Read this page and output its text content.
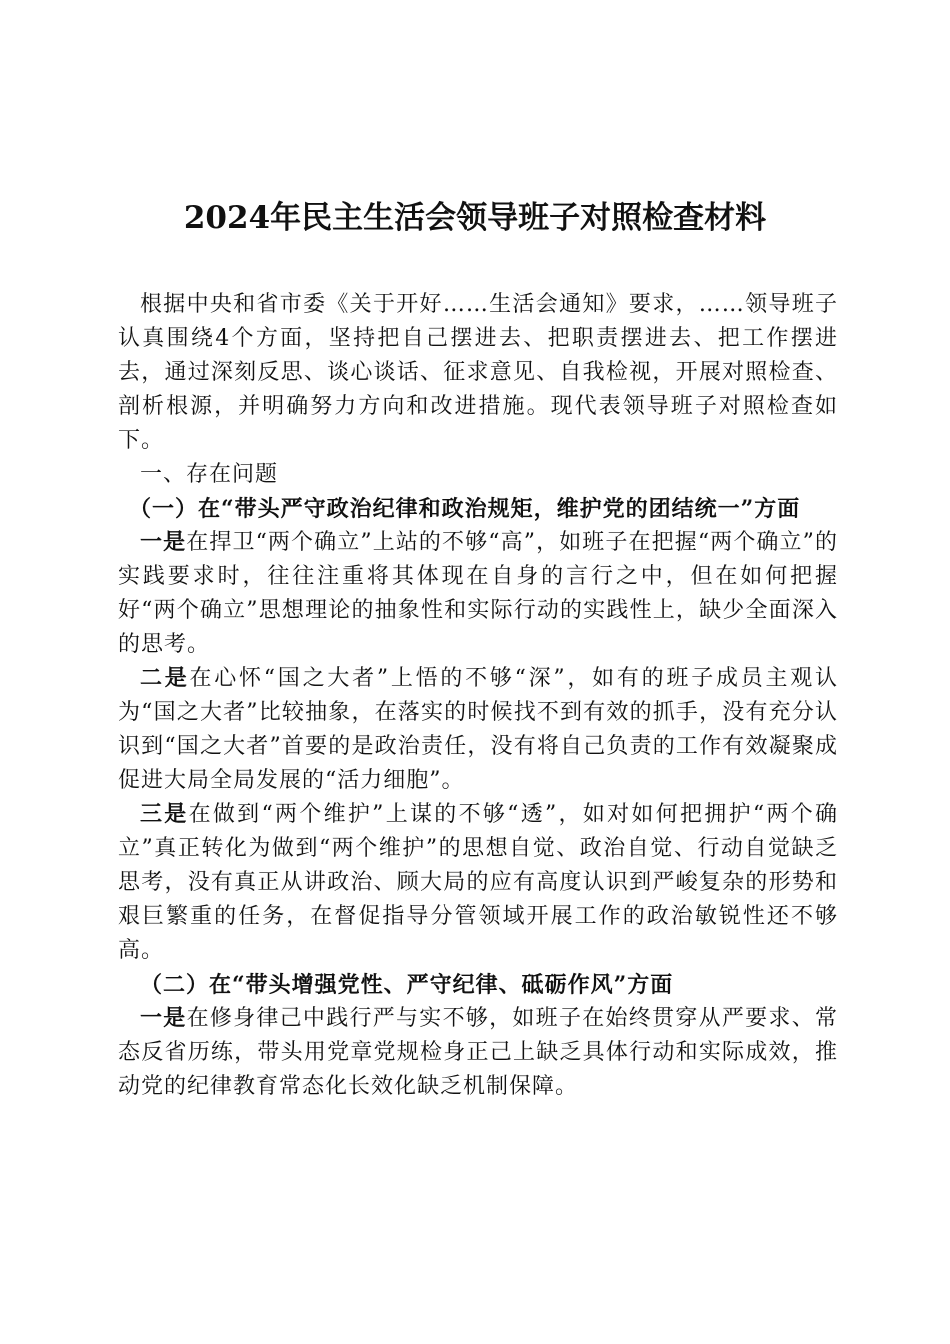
2024年民主生活会领导班子对照检查材料

根据中央和省市委《关于开好……生活会通知》要求，……领导班子认真围绕4个方面，坚持把自己摆进去、把职责摆进去、把工作摆进去，通过深刻反思、谈心谈话、征求意见、自我检视，开展对照检查、剖析根源，并明确努力方向和改进措施。现代表领导班子对照检查如下。

一、存在问题
（一）在“带头严守政治纪律和政治规矩，维护党的团结统一”方面

一是在捍卫“两个确立”上站的不够“高”，如班子在把握“两个确立”的实践要求时，往往注重将其体现在自身的言行之中，但在如何把握好“两个确立”思想理论的抽象性和实际行动的实践性上，缺少全面深入的思考。

二是在心怀“国之大者”上悟的不够“深”，如有的班子成员主观认为“国之大者”比较抽象，在落实的时候找不到有效的抓手，没有充分认识到“国之大者”首要的是政治责任，没有将自己负责的工作有效凝聚成促进大局全局发展的“活力细胞”。

三是在做到“两个维护”上谋的不够“透”，如对如何把拥护“两个确立”真正转化为做到“两个维护”的思想自觉、政治自觉、行动自觉缺乏思考，没有真正从讲政治、顾大局的应有高度认识到严峻复杂的形势和艰巨繁重的任务，在督促指导分管领域开展工作的政治敏锐性还不够高。

（二）在“带头增强党性、严守纪律、砥砺作风”方面

一是在修身律己中践行严与实不够，如班子在始终贯穿从严要求、常态反省历练，带头用党章党规检身正己上缺乏具体行动和实际成效，推动党的纪律教育常态化长效化缺乏机制保障。
